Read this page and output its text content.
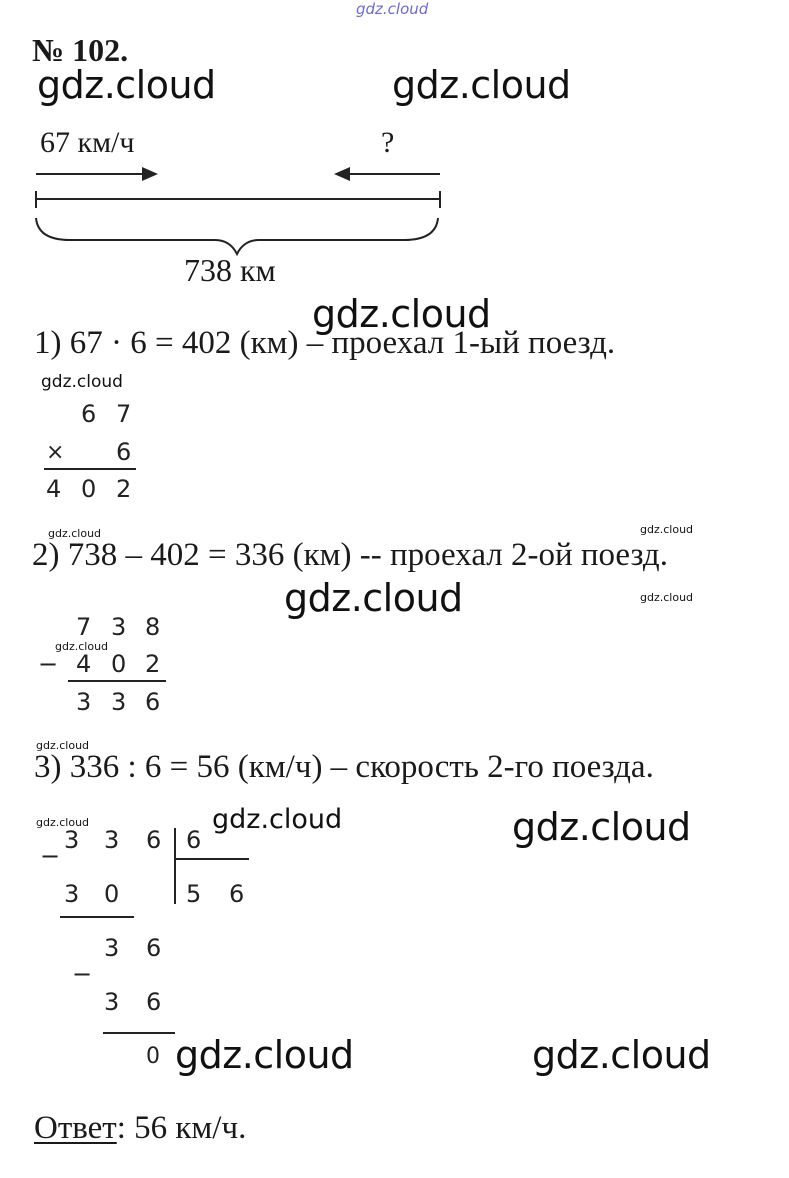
gdz.cloud
№ 102.
gdz.cloud	gdz.cloud
67 км/ч	?
738 км
gdz.cloud
1) 67 · 6 = 402 (км) – проехал 1-ый поезд.
gdz.cloud
6 7
× 6
4 0 2
gdz.cloud	gdz.cloud
2) 738 – 402 = 336 (км) -- проехал 2-ой поезд.
gdz.cloud	gdz.cloud
7 3 8
gdz.cloud
− 4 0 2
3 3 6
gdz.cloud
3) 336 : 6 = 56 (км/ч) – скорость 2-го поезда.
gdz.cloud	gdz.cloud	gdz.cloud
3 3 6 6
−
5 6
3 0
3 6
−
3 6
0 gdz.cloud	gdz.cloud
Ответ: 56 км/ч.
